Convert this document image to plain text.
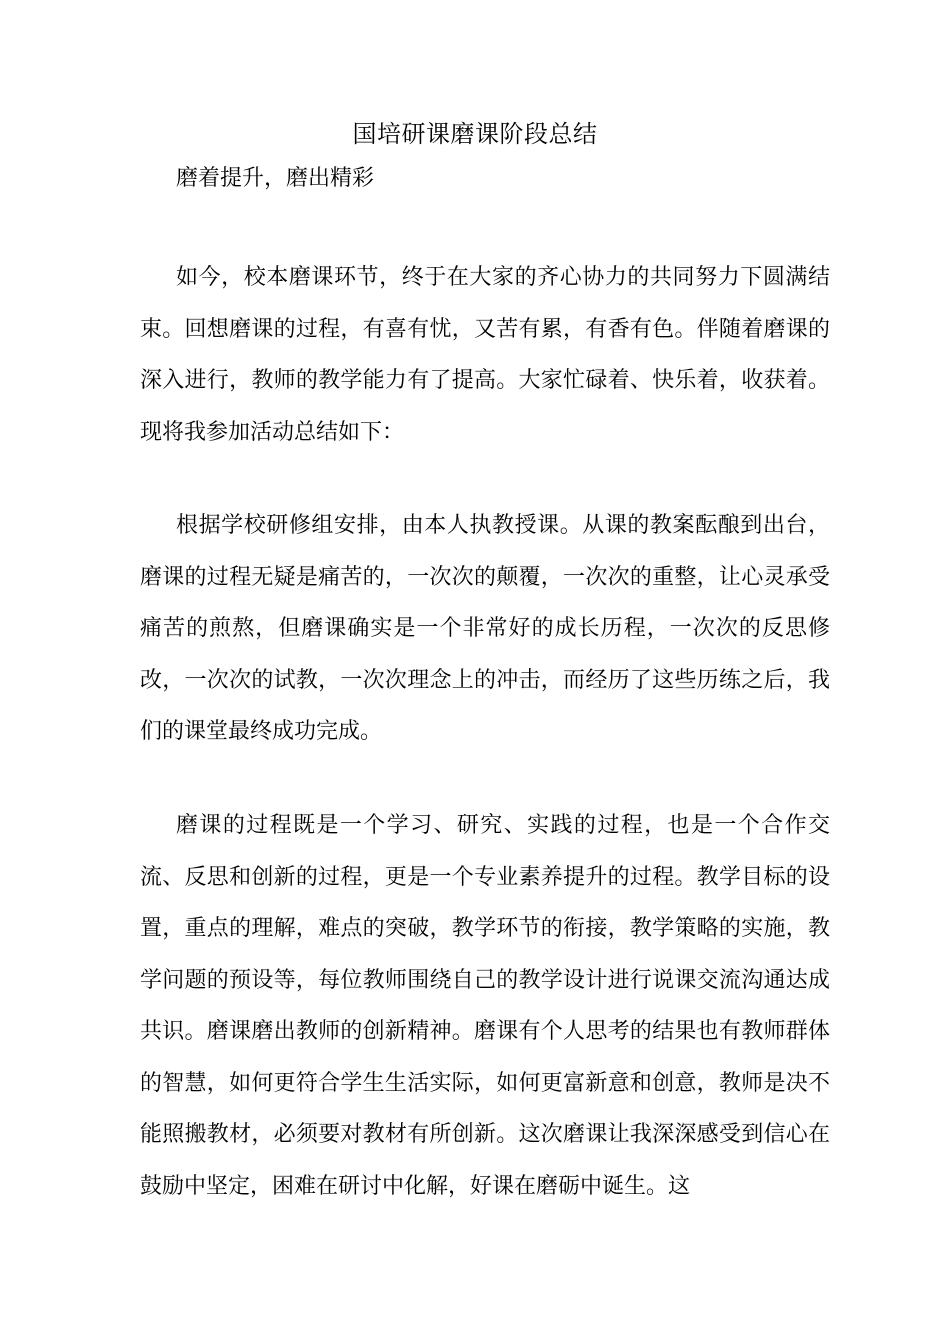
国培研课磨课阶段总结
磨着提升，磨出精彩

如今，校本磨课环节，终于在大家的齐心协力的共同努力下圆满结束。回想磨课的过程，有喜有忧，又苦有累，有香有色。伴随着磨课的深入进行，教师的教学能力有了提高。大家忙碌着、快乐着，收获着。现将我参加活动总结如下：

根据学校研修组安排，由本人执教授课。从课的教案酝酿到出台，磨课的过程无疑是痛苦的，一次次的颠覆，一次次的重整，让心灵承受痛苦的煎熬，但磨课确实是一个非常好的成长历程，一次次的反思修改，一次次的试教，一次次理念上的冲击，而经历了这些历练之后，我们的课堂最终成功完成。

磨课的过程既是一个学习、研究、实践的过程，也是一个合作交流、反思和创新的过程，更是一个专业素养提升的过程。教学目标的设置，重点的理解，难点的突破，教学环节的衔接，教学策略的实施，教学问题的预设等，每位教师围绕自己的教学设计进行说课交流沟通达成共识。磨课磨出教师的创新精神。磨课有个人思考的结果也有教师群体的智慧，如何更符合学生生活实际，如何更富新意和创意，教师是决不能照搬教材，必须要对教材有所创新。这次磨课让我深深感受到信心在鼓励中坚定，困难在研讨中化解，好课在磨砺中诞生。这
